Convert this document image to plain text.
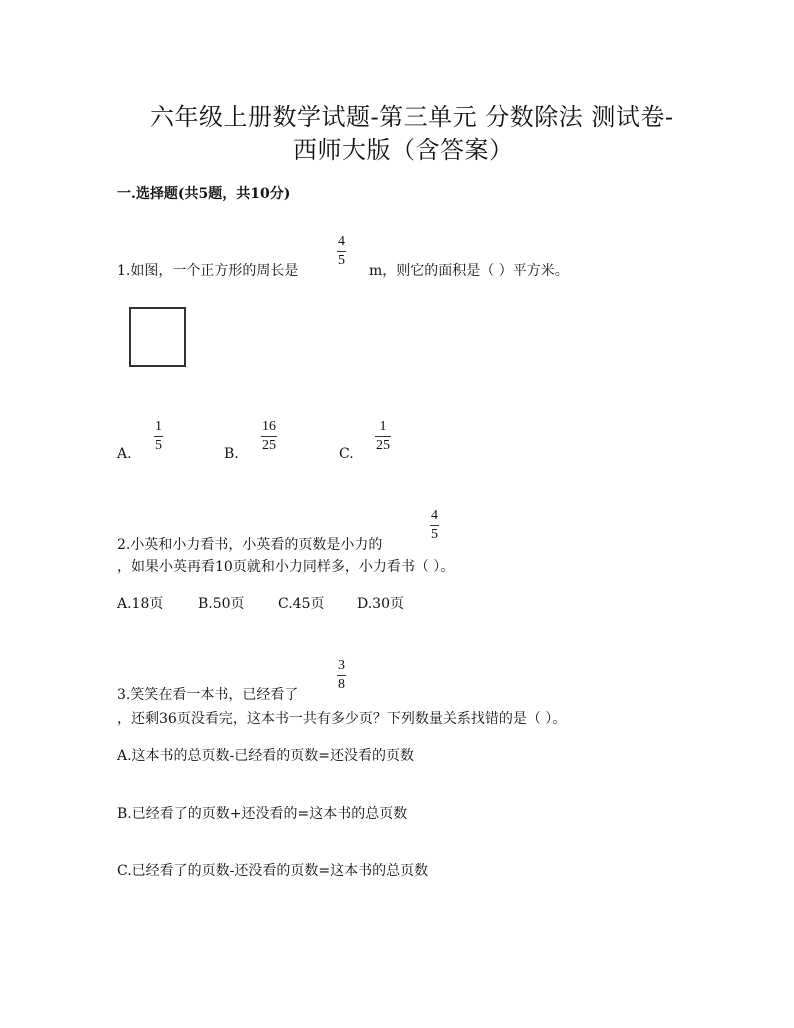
六年级上册数学试题-第三单元 分数除法 测试卷-
西师大版（含答案）
一.选择题(共5题，共10分)
1.如图，一个正方形的周长是
4
5
m，则它的面积是（ ）平方米。
A.
1
5
B.
16
25
C.
1
25
2.小英和小力看书，小英看的页数是小力的
4
5
，如果小英再看10页就和小力同样多，小力看书（ ）。
A.18页 B.50页 C.45页 D.30页
3.笑笑在看一本书，已经看了
3
8
，还剩36页没看完，这本书一共有多少页？下列数量关系找错的是（ ）。
A.这本书的总页数-已经看的页数=还没看的页数
B.已经看了的页数+还没看的=这本书的总页数
C.已经看了的页数-还没看的页数=这本书的总页数
